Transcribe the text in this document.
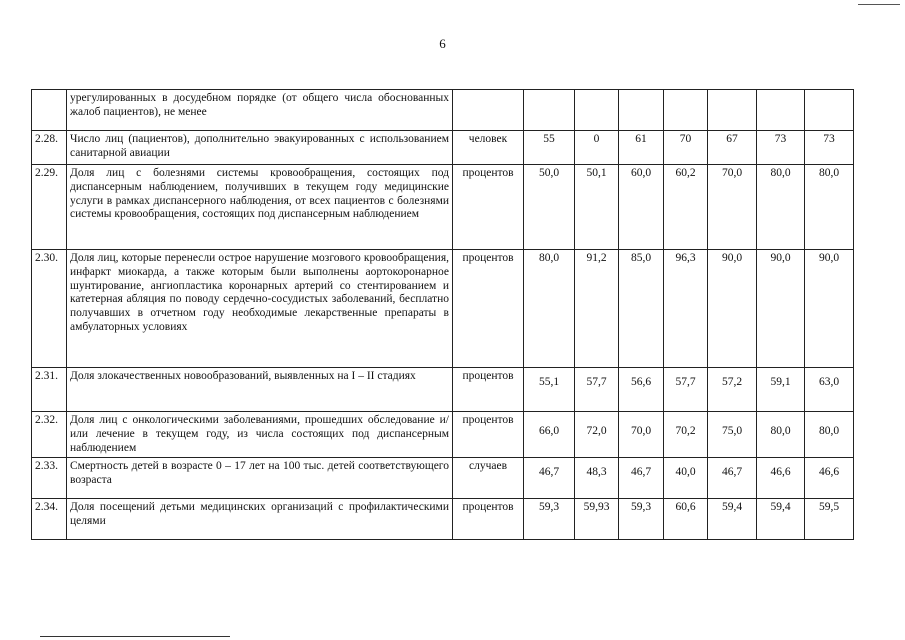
6
	урегулированных в досудебном порядке (от общего числа обоснованных жалоб пациентов), не менее								
2.28.	Число лиц (пациентов), дополнительно эвакуированных с использованием санитарной авиации	человек	55	0	61	70	67	73	73
2.29.	Доля лиц с болезнями системы кровообращения, состоящих под диспансерным наблюдением, получивших в текущем году медицинские услуги в рамках диспансерного наблюдения, от всех пациентов с болезнями системы кровообращения, состоящих под диспансерным наблюдением	процентов	50,0	50,1	60,0	60,2	70,0	80,0	80,0
2.30.	Доля лиц, которые перенесли острое нарушение мозгового кровообращения, инфаркт миокарда, а также которым были выполнены аортокоронарное шунтирование, ангиопластика коронарных артерий со стентированием и катетерная абляция по поводу сердечно-сосудистых заболеваний, бесплатно получавших в отчетном году необходимые лекарственные препараты в амбулаторных условиях	процентов	80,0	91,2	85,0	96,3	90,0	90,0	90,0
2.31.	Доля злокачественных новообразований, выявленных на I – II стадиях	процентов	55,1	57,7	56,6	57,7	57,2	59,1	63,0
2.32.	Доля лиц с онкологическими заболеваниями, прошедших обследование и/или лечение в текущем году, из числа состоящих под диспансерным наблюдением	процентов	66,0	72,0	70,0	70,2	75,0	80,0	80,0
2.33.	Смертность детей в возрасте 0 – 17 лет на 100 тыс. детей соответствующего возраста	случаев	46,7	48,3	46,7	40,0	46,7	46,6	46,6
2.34.	Доля посещений детьми медицинских организаций с профилактическими целями	процентов	59,3	59,93	59,3	60,6	59,4	59,4	59,5
